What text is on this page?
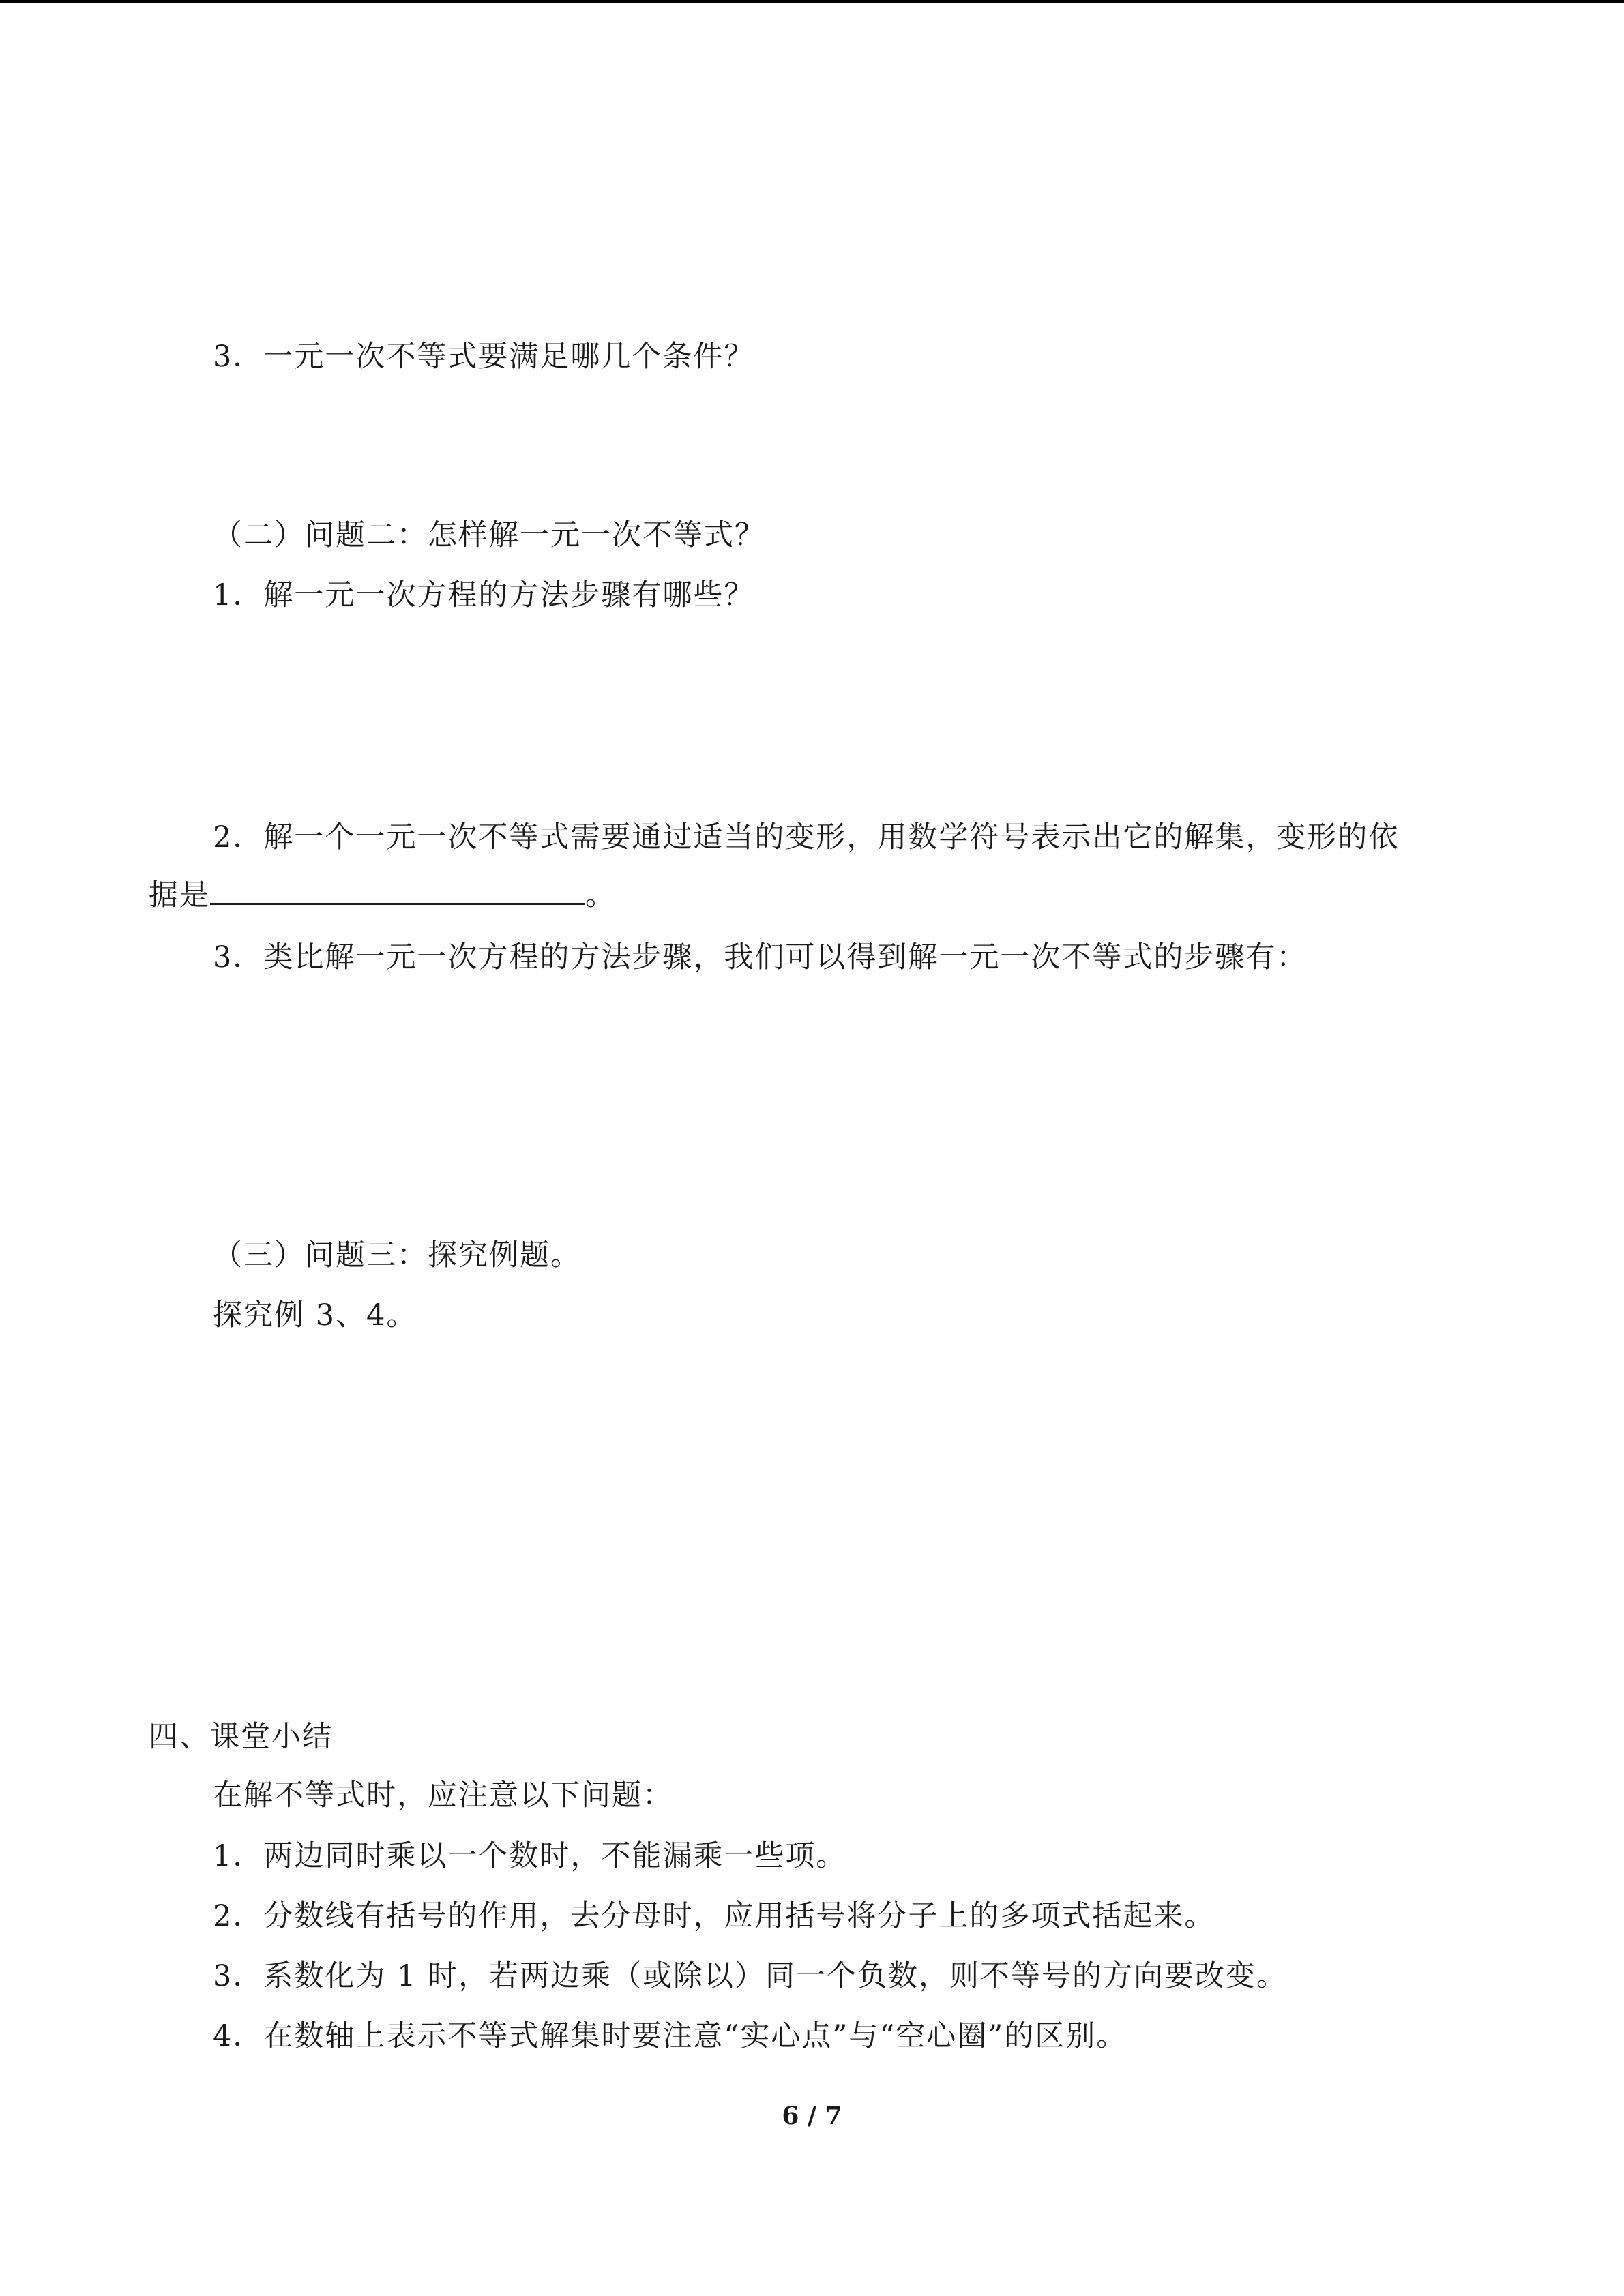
3．一元一次不等式要满足哪几个条件？
（二）问题二：怎样解一元一次不等式？
1．解一元一次方程的方法步骤有哪些？
2．解一个一元一次不等式需要通过适当的变形，用数学符号表示出它的解集，变形的依
据是	。
3．类比解一元一次方程的方法步骤，我们可以得到解一元一次不等式的步骤有：
（三）问题三：探究例题。
探究例 3、4。
四、课堂小结
在解不等式时，应注意以下问题：
1．两边同时乘以一个数时，不能漏乘一些项。
2．分数线有括号的作用，去分母时，应用括号将分子上的多项式括起来。
3．系数化为 1 时，若两边乘（或除以）同一个负数，则不等号的方向要改变。
4．在数轴上表示不等式解集时要注意“实心点”与“空心圈”的区别。
6 / 7
